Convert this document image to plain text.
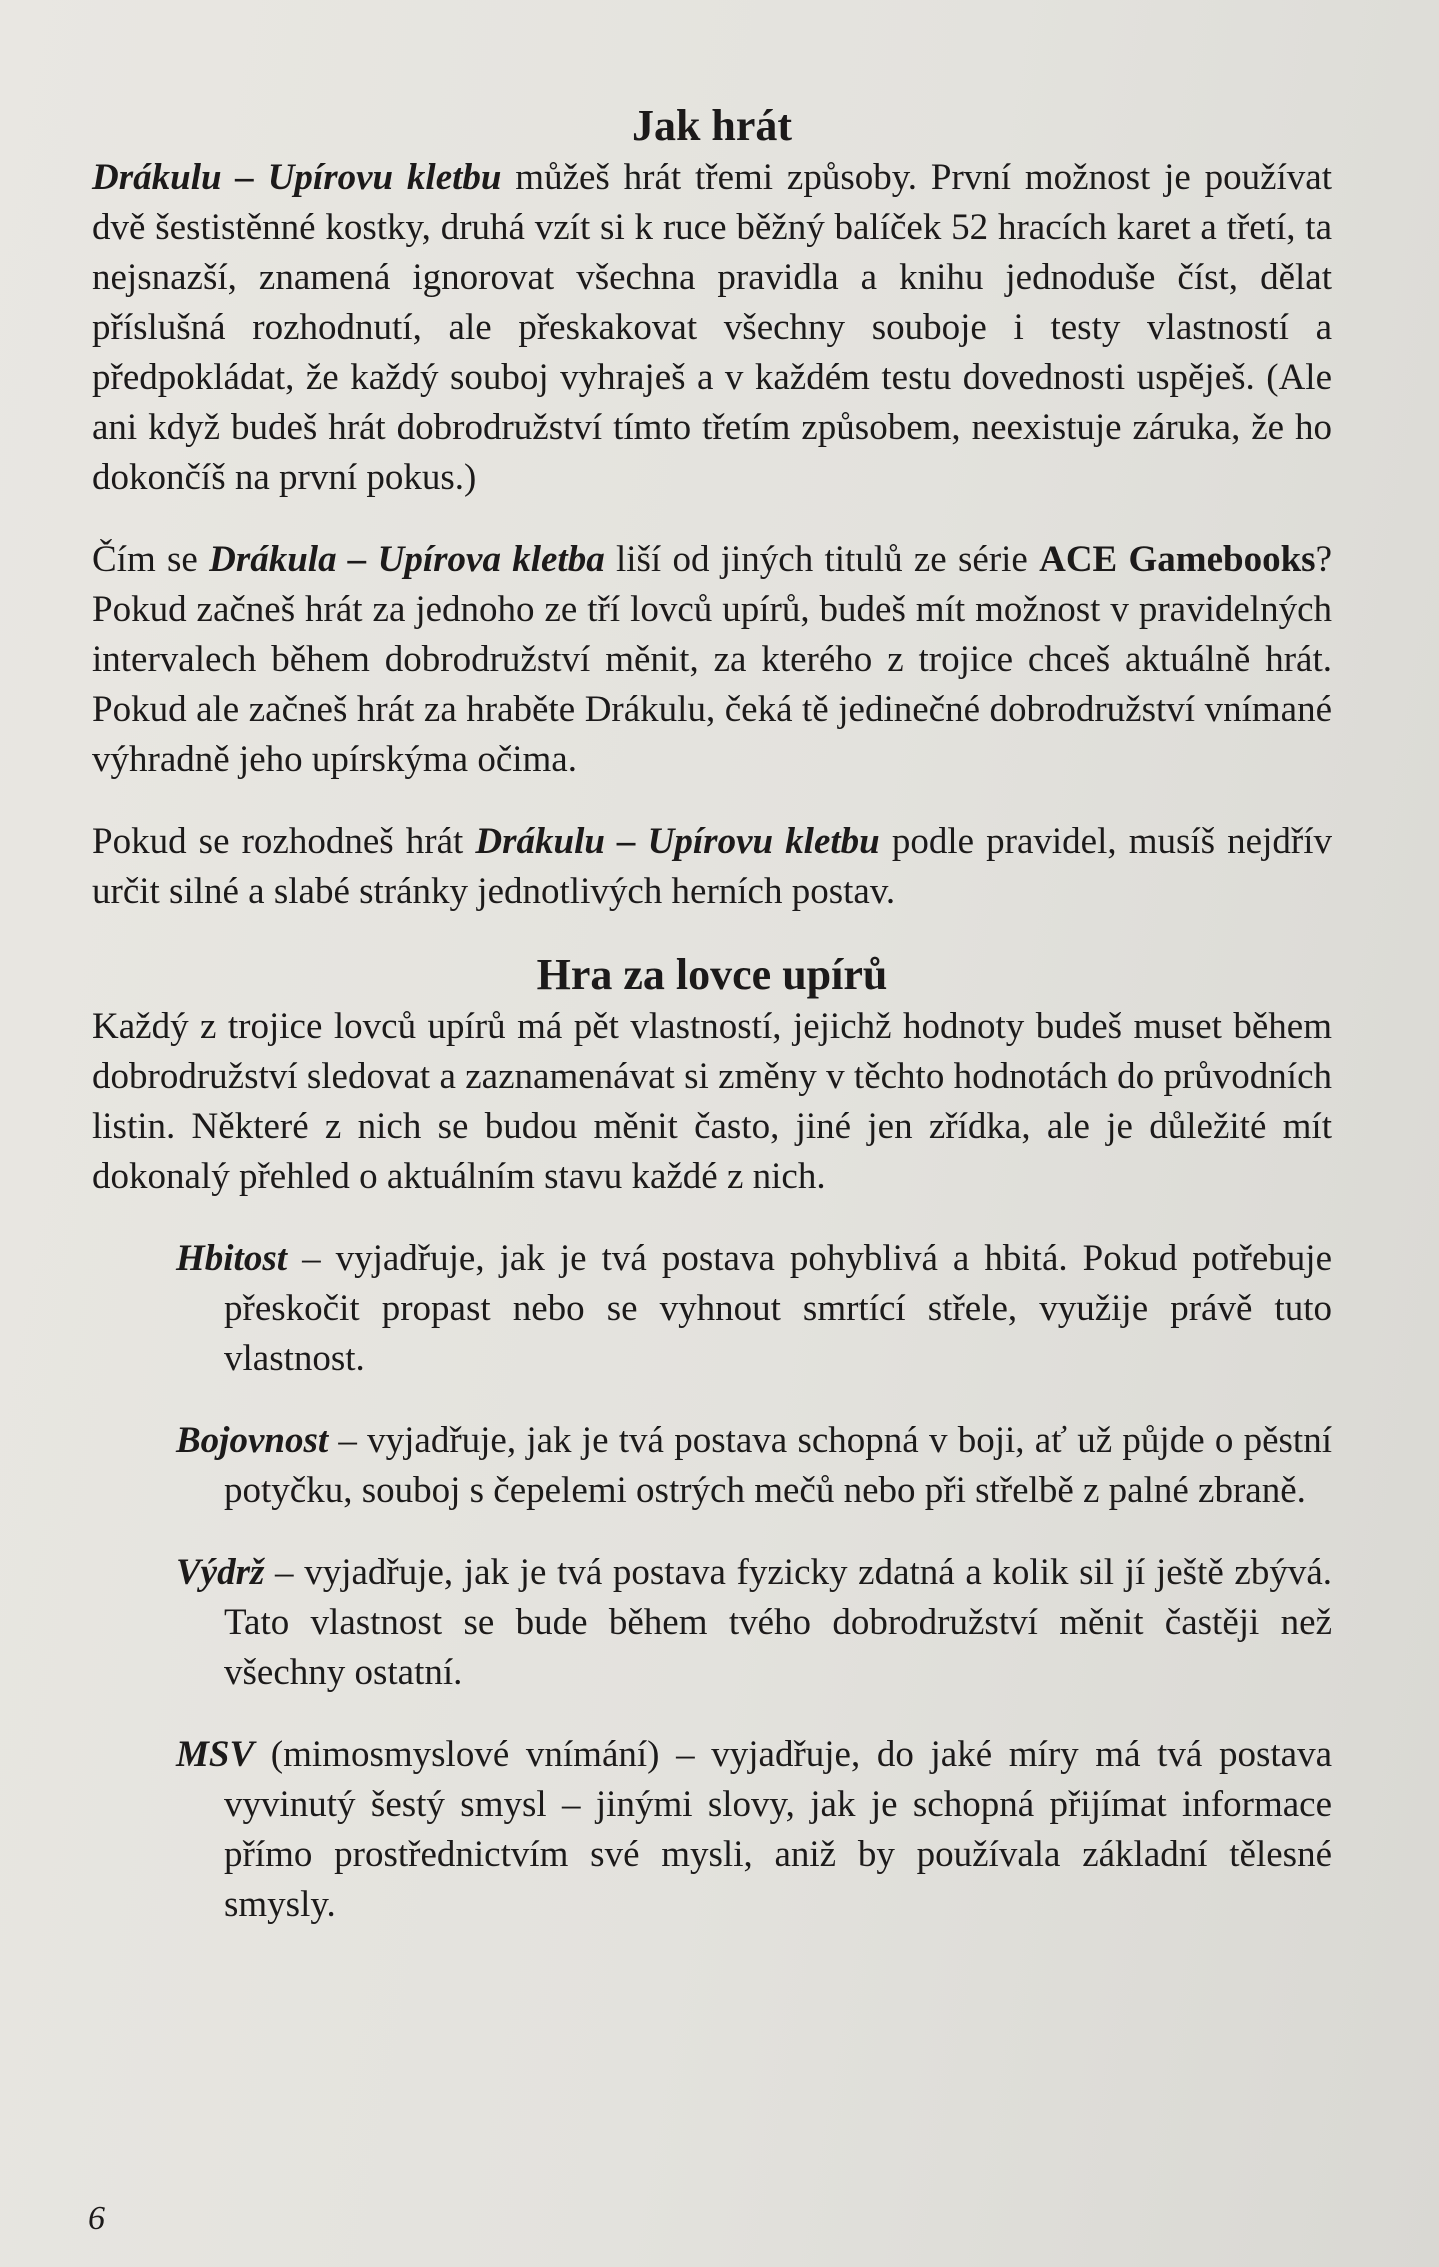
Jak hrát

Drákulu – Upírovu kletbu můžeš hrát třemi způsoby. První možnost je používat dvě šestistěnné kostky, druhá vzít si k ruce běžný balíček 52 hracích karet a třetí, ta nejsnazší, znamená ignorovat všechna pravidla a knihu jednoduše číst, dělat příslušná rozhodnutí, ale přeskakovat všechny souboje i testy vlastností a předpokládat, že každý souboj vyhraješ a v každém testu dovednosti uspěješ. (Ale ani když budeš hrát dobrodružství tímto třetím způsobem, neexistuje záruka, že ho dokončíš na první pokus.)

Čím se Drákula – Upírova kletba liší od jiných titulů ze série ACE Gamebooks? Pokud začneš hrát za jednoho ze tří lovců upírů, budeš mít možnost v pravidelných intervalech během dobrodružství měnit, za kterého z trojice chceš aktuálně hrát. Pokud ale začneš hrát za hraběte Drákulu, čeká tě jedinečné dobrodružství vnímané výhradně jeho upírskýma očima.

Pokud se rozhodneš hrát Drákulu – Upírovu kletbu podle pravidel, musíš nejdřív určit silné a slabé stránky jednotlivých herních postav.

Hra za lovce upírů

Každý z trojice lovců upírů má pět vlastností, jejichž hodnoty budeš muset během dobrodružství sledovat a zaznamenávat si změny v těchto hodnotách do průvodních listin. Některé z nich se budou měnit často, jiné jen zřídka, ale je důležité mít dokonalý přehled o aktuálním stavu každé z nich.

Hbitost – vyjadřuje, jak je tvá postava pohyblivá a hbitá. Pokud potřebuje přeskočit propast nebo se vyhnout smrtící střele, využije právě tuto vlastnost.

Bojovnost – vyjadřuje, jak je tvá postava schopná v boji, ať už půjde o pěstní potyčku, souboj s čepelemi ostrých mečů nebo při střelbě z palné zbraně.

Výdrž – vyjadřuje, jak je tvá postava fyzicky zdatná a kolik sil jí ještě zbývá. Tato vlastnost se bude během tvého dobrodružství měnit častěji než všechny ostatní.

MSV (mimosmyslové vnímání) – vyjadřuje, do jaké míry má tvá postava vyvinutý šestý smysl – jinými slovy, jak je schopná přijímat informace přímo prostřednictvím své mysli, aniž by používala základní tělesné smysly.

6
